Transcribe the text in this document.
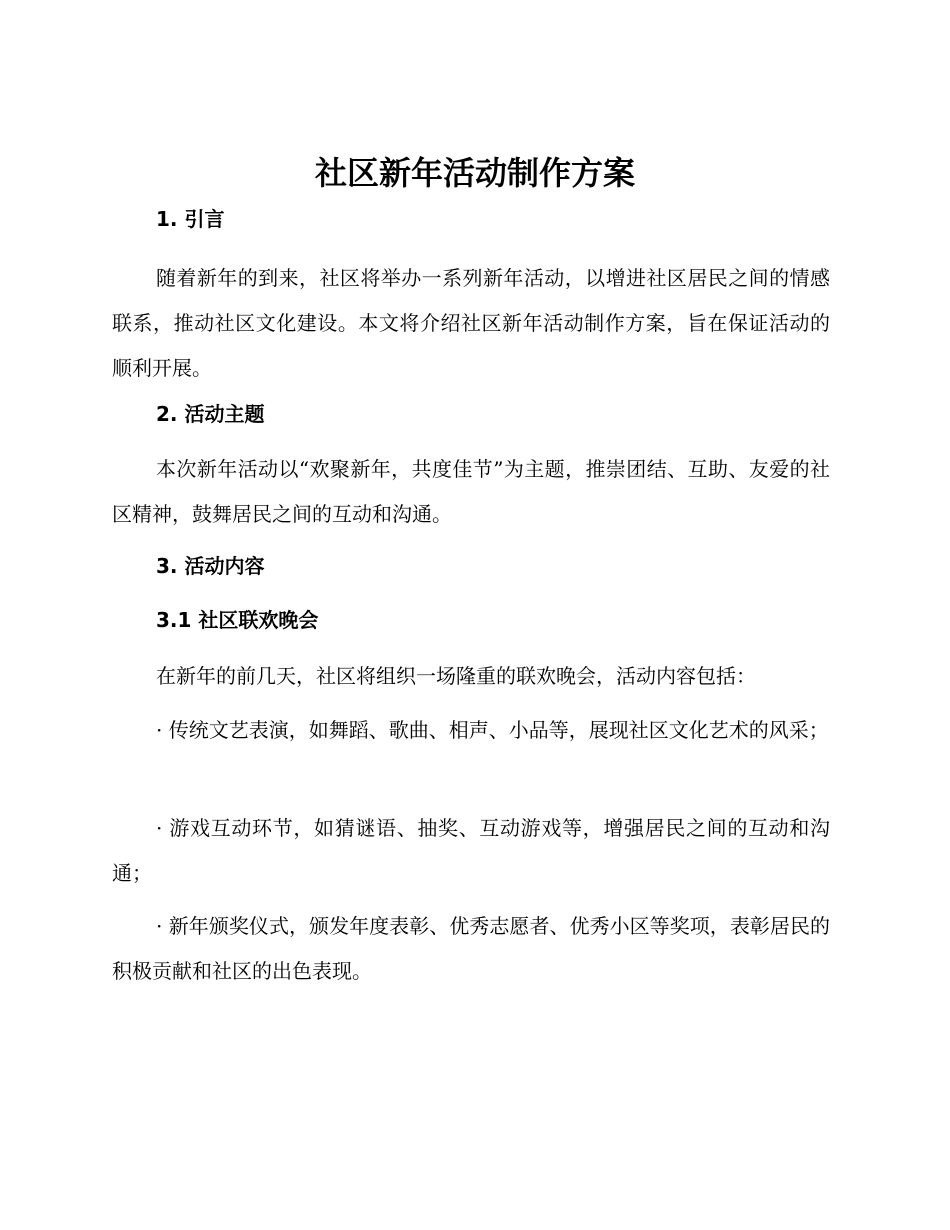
社区新年活动制作方案
1. 引言

随着新年的到来，社区将举办一系列新年活动，以增进社区居民之间的情感联系，推动社区文化建设。本文将介绍社区新年活动制作方案，旨在保证活动的顺利开展。

2. 活动主题

本次新年活动以“欢聚新年，共度佳节”为主题，推崇团结、互助、友爱的社区精神，鼓舞居民之间的互动和沟通。

3. 活动内容
3.1 社区联欢晚会

在新年的前几天，社区将组织一场隆重的联欢晚会，活动内容包括：

· 传统文艺表演，如舞蹈、歌曲、相声、小品等，展现社区文化艺术的风采；

· 游戏互动环节，如猜谜语、抽奖、互动游戏等，增强居民之间的互动和沟通；

· 新年颁奖仪式，颁发年度表彰、优秀志愿者、优秀小区等奖项，表彰居民的积极贡献和社区的出色表现。
